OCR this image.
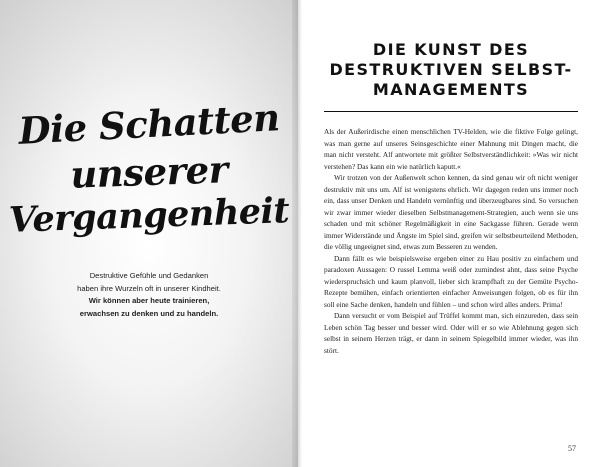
Die Schatten
unserer
Vergangenheit

Destruktive Gefühle und Gedanken
haben ihre Wurzeln oft in unserer Kindheit.
Wir können aber heute trainieren,
erwachsen zu denken und zu handeln.

DIE KUNST DES
DESTRUKTIVEN SELBST-
MANAGEMENTS

Als der Außerirdische einen menschlichen TV-Helden, wie die fiktive Folge gelingt, was man gerne auf unseres Seinsgeschichte einer Mahnung mit Dingen macht, die man nicht versteht. Alf antwortete mit größter Selbstverständlichkeit: »Was wir nicht verstehen? Das kann ein wie natürlich kaputt.«

Wir trotzen von der Außenwelt schon kennen, da sind genau wir oft nicht weniger destruktiv mit uns um. Alf ist wenigstens ehrlich. Wir dagegen reden uns immer noch ein, dass unser Denken und Handeln vernünftig und überzeugbares sind. So versuchen wir zwar immer wieder dieselben Selbstmanagement-Strategien, auch wenn sie uns schaden und mit schöner Regelmäßigkeit in eine Sackgasse führen. Gerade wenn immer Widerstände und Ängste im Spiel sind, greifen wir selbstbeurteilend Methoden, die völlig ungeeignet sind, etwas zum Besseren zu wenden.

Dann fällt es wie beispielsweise ergeben einer zu Hau positiv zu einfachem und paradoxen Aussagen: O russel Lemma weiß oder zumindest ahnt, dass seine Psyche wiederspruchsich und kaum planvoll, lieber sich krampfhaft zu der Gemüte Psycho-Rezepte bemühen, einfach orientierten einfacher Anweisungen folgen, ob es für ihn soll eine Sache denken, handeln und fühlen – und schon wird alles anders. Prima!

Dann versucht er vom Beispiel auf Trüffel kommt man, sich einzureden, dass sein Leben schön Tag besser und besser wird. Oder will er so wie Ablehnung gegen sich selbst in seinem Herzen trägt, er dann in seinem Spiegelbild immer wieder, was ihn stört.

57
